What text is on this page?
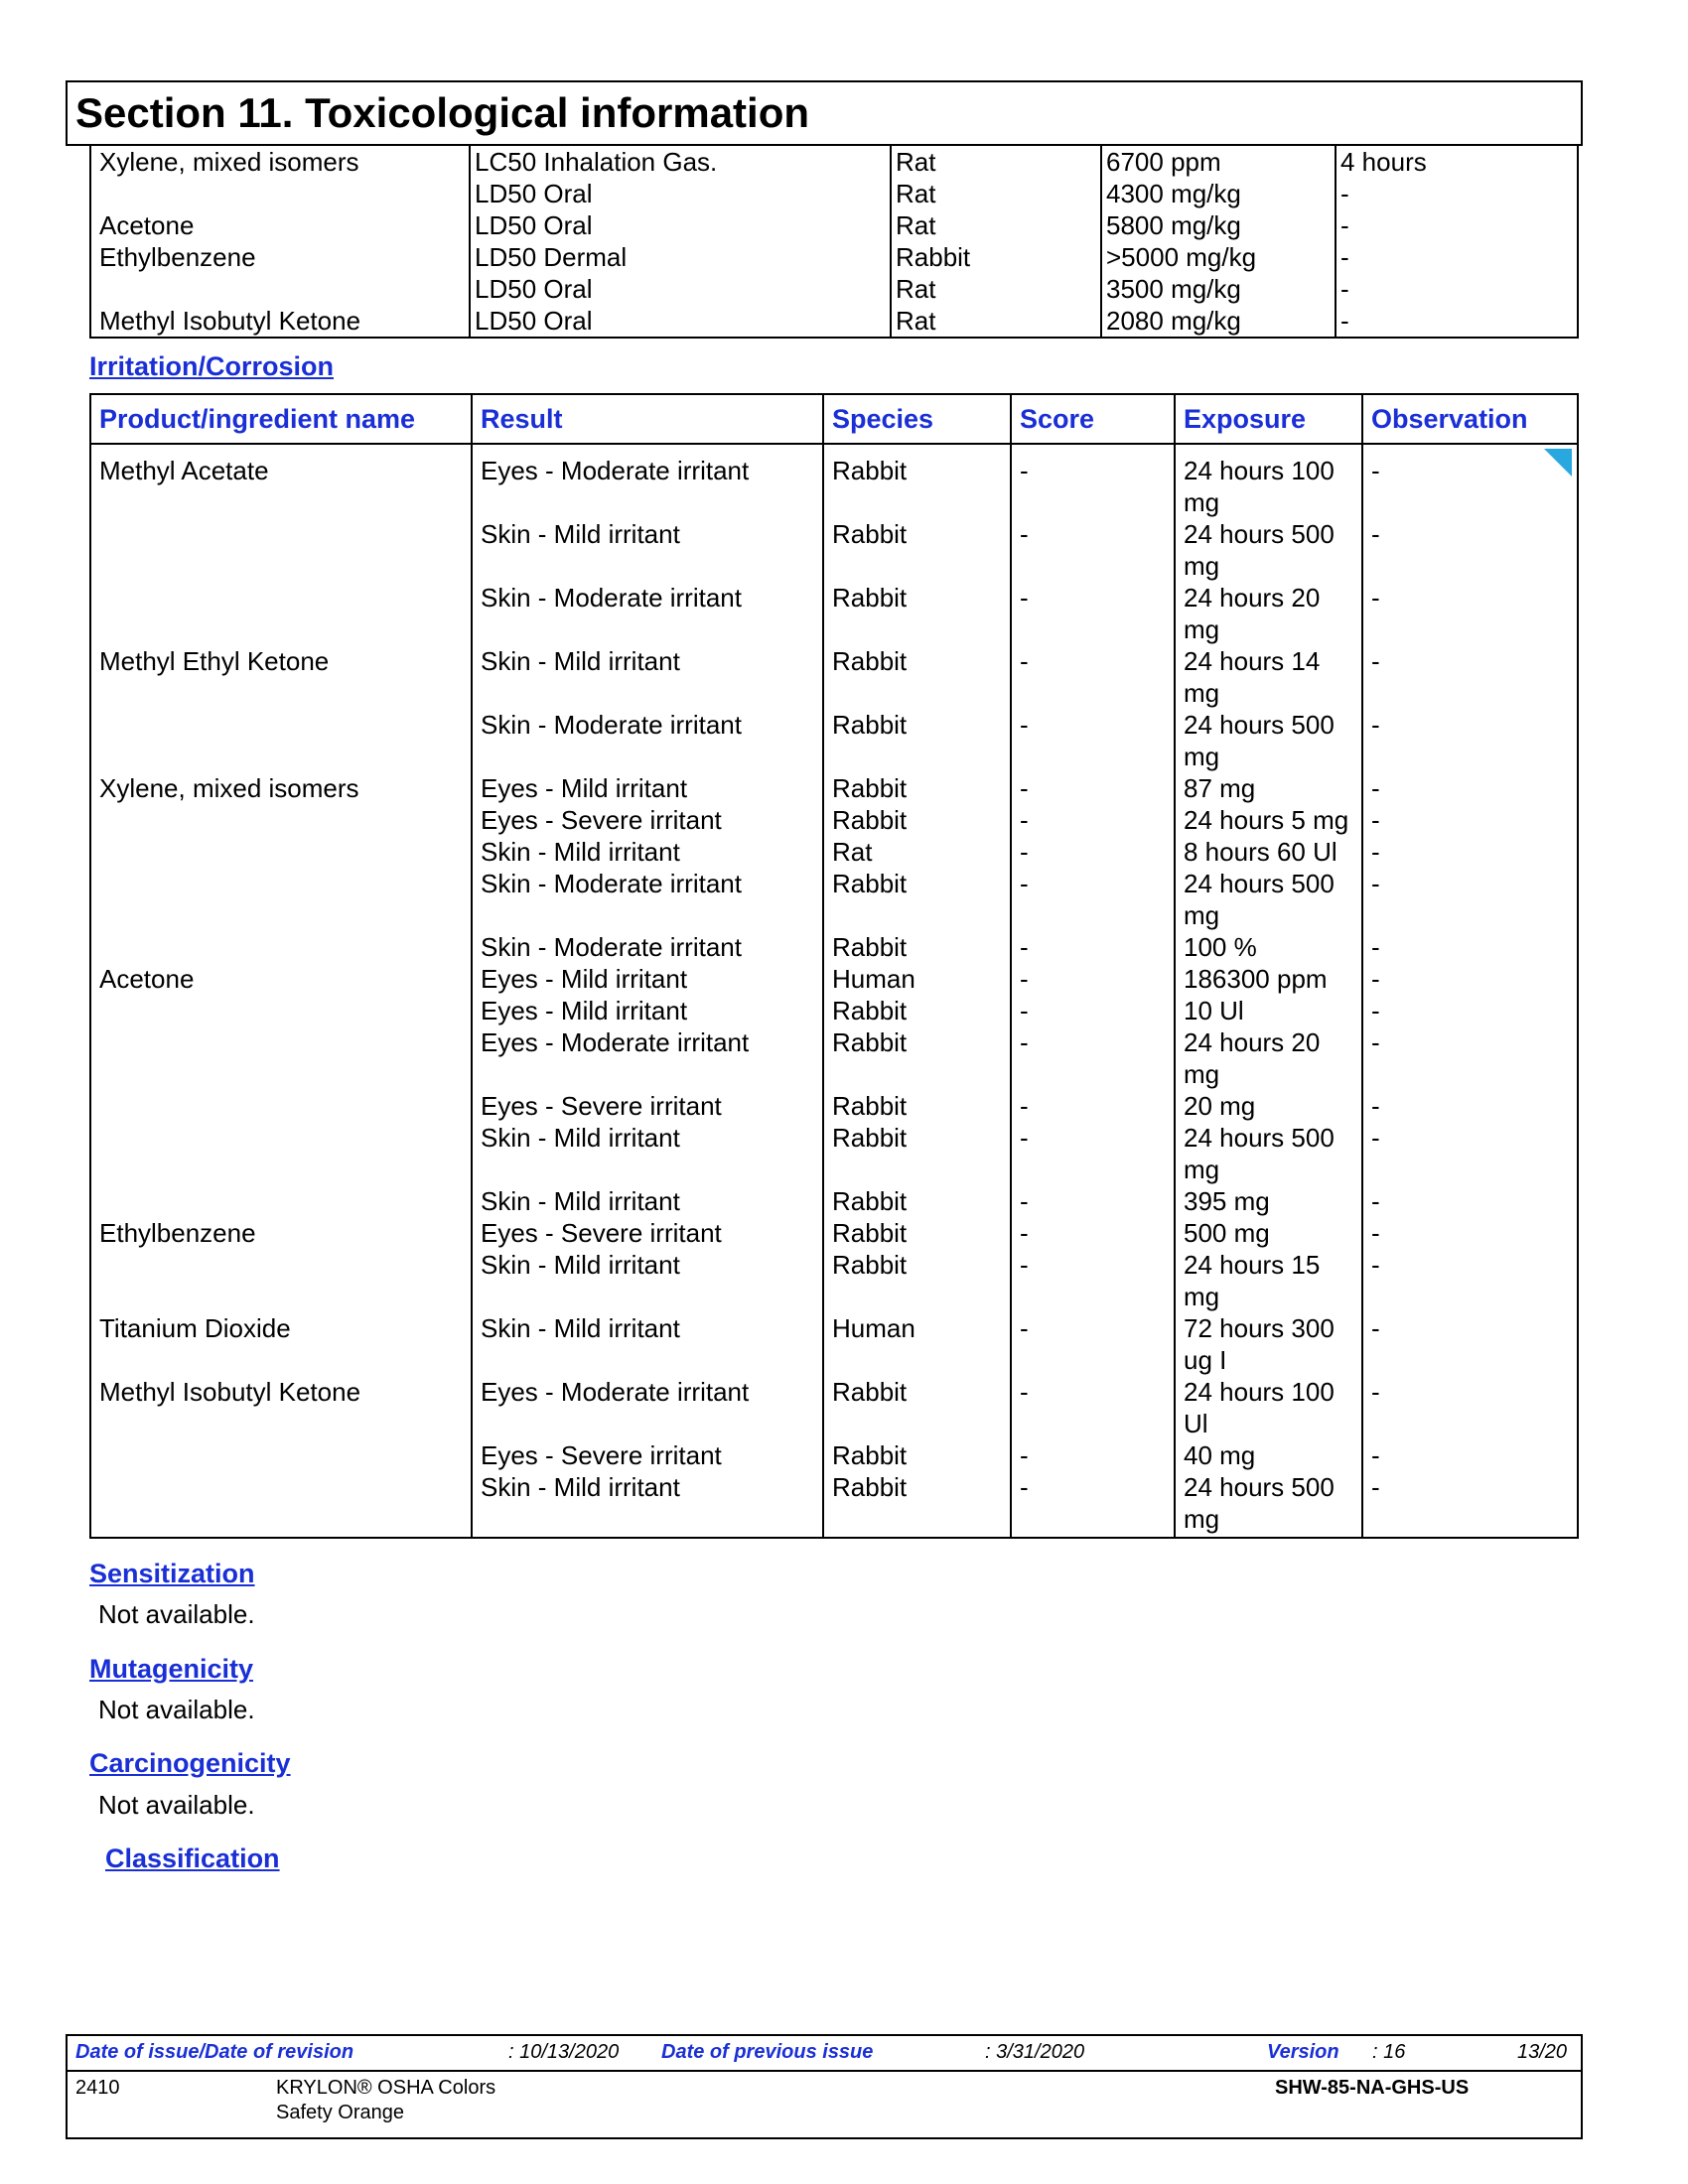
Section 11. Toxicological information
Xylene, mixed isomers	LC50 Inhalation Gas.	Rat	6700 ppm	4 hours
	LD50 Oral	Rat	4300 mg/kg	-
Acetone	LD50 Oral	Rat	5800 mg/kg	-
Ethylbenzene	LD50 Dermal	Rabbit	>5000 mg/kg	-
	LD50 Oral	Rat	3500 mg/kg	-
Methyl Isobutyl Ketone	LD50 Oral	Rat	2080 mg/kg	-
Irritation/Corrosion
Product/ingredient name	Result	Species	Score	Exposure	Observation
Methyl Acetate	Eyes - Moderate irritant	Rabbit	-	24 hours 100 mg	-
	Skin - Mild irritant	Rabbit	-	24 hours 500 mg	-
	Skin - Moderate irritant	Rabbit	-	24 hours 20 mg	-
Methyl Ethyl Ketone	Skin - Mild irritant	Rabbit	-	24 hours 14 mg	-
	Skin - Moderate irritant	Rabbit	-	24 hours 500 mg	-
Xylene, mixed isomers	Eyes - Mild irritant	Rabbit	-	87 mg	-
	Eyes - Severe irritant	Rabbit	-	24 hours 5 mg	-
	Skin - Mild irritant	Rat	-	8 hours 60 Ul	-
	Skin - Moderate irritant	Rabbit	-	24 hours 500 mg	-
	Skin - Moderate irritant	Rabbit	-	100 %	-
Acetone	Eyes - Mild irritant	Human	-	186300 ppm	-
	Eyes - Mild irritant	Rabbit	-	10 Ul	-
	Eyes - Moderate irritant	Rabbit	-	24 hours 20 mg	-
	Eyes - Severe irritant	Rabbit	-	20 mg	-
	Skin - Mild irritant	Rabbit	-	24 hours 500 mg	-
	Skin - Mild irritant	Rabbit	-	395 mg	-
Ethylbenzene	Eyes - Severe irritant	Rabbit	-	500 mg	-
	Skin - Mild irritant	Rabbit	-	24 hours 15 mg	-
Titanium Dioxide	Skin - Mild irritant	Human	-	72 hours 300 ug I	-
Methyl Isobutyl Ketone	Eyes - Moderate irritant	Rabbit	-	24 hours 100 Ul	-
	Eyes - Severe irritant	Rabbit	-	40 mg	-
	Skin - Mild irritant	Rabbit	-	24 hours 500 mg	-
Sensitization
Not available.
Mutagenicity
Not available.
Carcinogenicity
Not available.
Classification
Date of issue/Date of revision	: 10/13/2020 Date of previous issue	: 3/31/2020	Version : 16	13/20
2410	KRYLON® OSHA Colors
Safety Orange
SHW-85-NA-GHS-US
